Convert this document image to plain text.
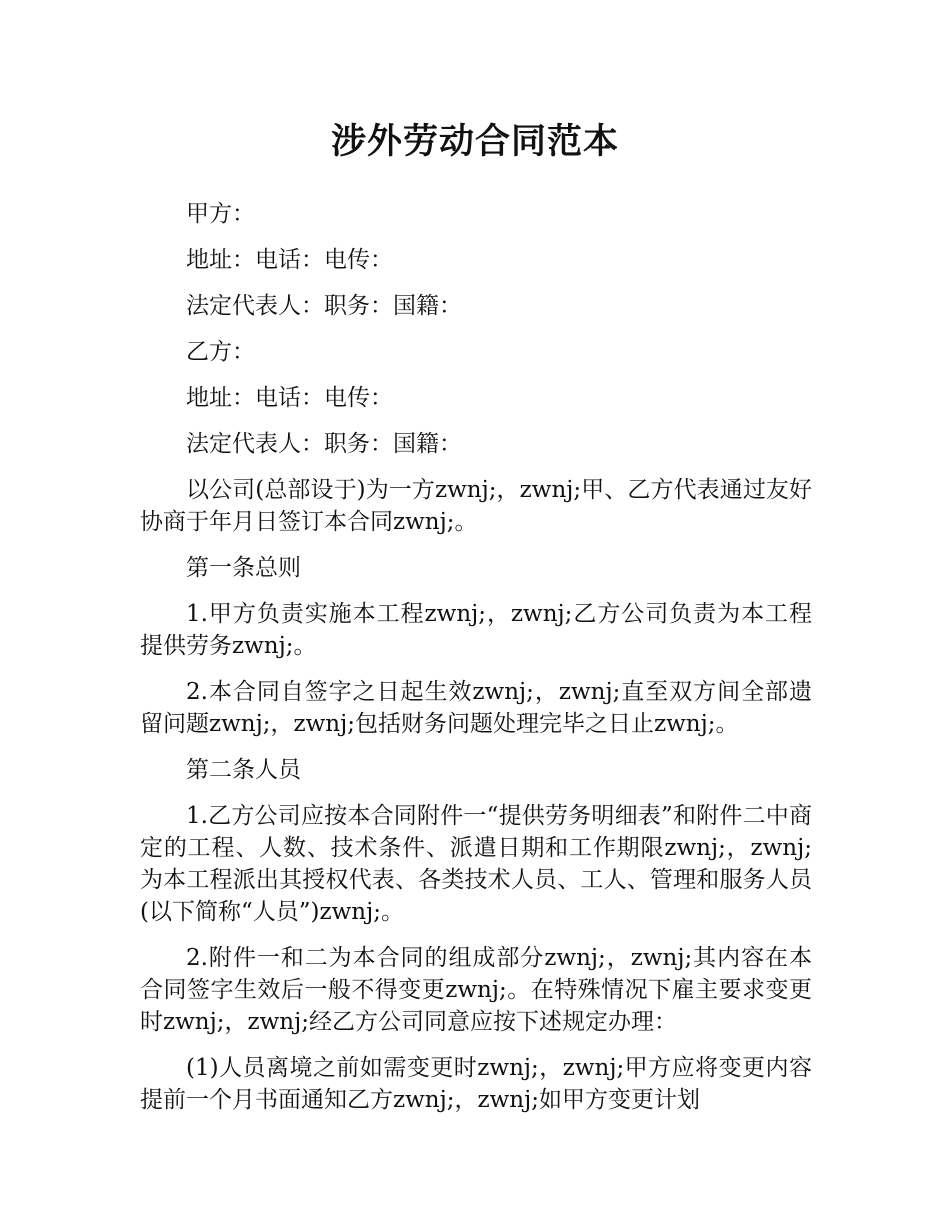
涉外劳动合同范本

甲方：

地址：电话：电传：

法定代表人：职务：国籍：

乙方：

地址：电话：电传：

法定代表人：职务：国籍：

以公司(总部设于)为一方zwnj;，zwnj;甲、乙方代表通过友好协商于年月日签订本合同zwnj;。

第一条总则

1.甲方负责实施本工程zwnj;，zwnj;乙方公司负责为本工程提供劳务zwnj;。

2.本合同自签字之日起生效zwnj;，zwnj;直至双方间全部遗留问题zwnj;，zwnj;包括财务问题处理完毕之日止zwnj;。

第二条人员

1.乙方公司应按本合同附件一“提供劳务明细表”和附件二中商定的工程、人数、技术条件、派遣日期和工作期限zwnj;，zwnj;为本工程派出其授权代表、各类技术人员、工人、管理和服务人员(以下简称“人员”)zwnj;。

2.附件一和二为本合同的组成部分zwnj;，zwnj;其内容在本合同签字生效后一般不得变更zwnj;。在特殊情况下雇主要求变更时zwnj;，zwnj;经乙方公司同意应按下述规定办理：

(1)人员离境之前如需变更时zwnj;，zwnj;甲方应将变更内容提前一个月书面通知乙方zwnj;，zwnj;如甲方变更计划
